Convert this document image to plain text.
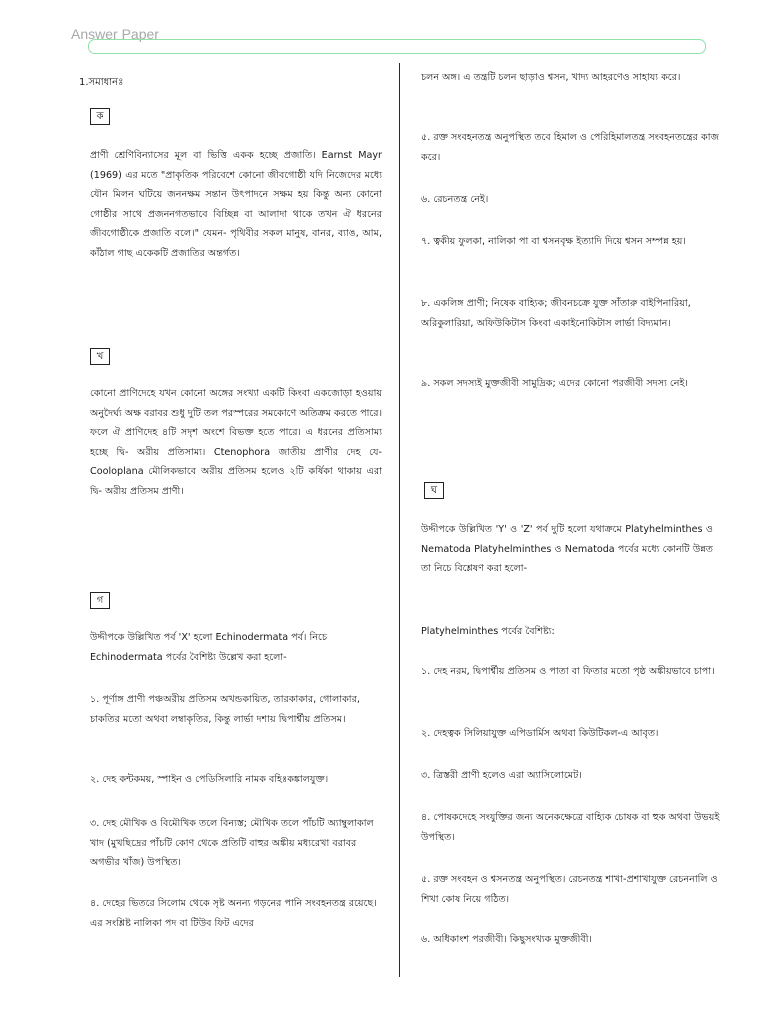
Answer Paper
1.সমাধানঃ
ক

প্রাণী শ্রেণিবিন্যাসের মূল বা ভিত্তি একক হচ্ছে প্রজাতি। Earnst Mayr (1969) এর মতে "প্রাকৃতিক পরিবেশে কোনো জীবগোষ্ঠী যদি নিজেদের মধ্যে যৌন মিলন ঘটিয়ে জননক্ষম সন্তান উৎপাদনে সক্ষম হয় কিন্তু অন্য কোনো গোষ্ঠীর সাথে প্রজননগতভাবে বিচ্ছিন্ন বা আলাদা থাকে তখন ঐ ধরনের জীবগোষ্ঠীকে প্রজাতি বলে।" যেমন- পৃথিবীর সকল মানুষ, বানর, ব্যাঙ, আম, কাঁঠাল গাছ একেকটি প্রজাতির অন্তর্গত।

খ

কোনো প্রাণিদেহে যখন কোনো অঙ্গের সংখ্যা একটি কিংবা একজোড়া হওয়ায় অনুদৈর্ঘ্য অক্ষ বরাবর শুধু দুটি তল পরস্পরের সমকোণে অতিক্রম করতে পারে। ফলে ঐ প্রাণিদেহ ৪টি সদৃশ অংশে বিভক্ত হতে পারে। এ ধরনের প্রতিসাম্য হচ্ছে দ্বি- অরীয় প্রতিসাম্য। Ctenophora জাতীয় প্রাণীর দেহ যে- Cooloplana মৌলিকভাবে অরীয় প্রতিসম হলেও ২টি কর্ষিকা থাকায় এরা দ্বি- অরীয় প্রতিসম প্রাণী।

গ

উদ্দীপকে উল্লিখিত পর্ব 'X' হলো Echinodermata পর্ব। নিচে Echinodermata পর্বের বৈশিষ্ট্য উল্লেখ করা হলো-

১. পূর্ণাঙ্গ প্রাণী পঞ্চঅরীয় প্রতিসম অখন্ডকায়িত, তারকাকার, গোলাকার, চাকতির মতো অথবা লম্বাকৃতির, কিন্তু লার্ভা দশায় দ্বিপার্শ্বীয় প্রতিসম।

২. দেহ কন্টকময়, স্পাইন ও পেডিসিলারি নামক বহিঃকঙ্কালযুক্ত।

৩. দেহ মৌখিক ও বিমৌখিক তলে বিন্যস্ত; মৌখিক তলে পাঁচটি অ্যাম্বুলাকাল খাদ (মুখছিদ্রের পাঁচটি কোণ থেকে প্রতিটি বাহুর অঙ্কীয় মধ্যরেখা বরাবর অগভীর খাঁজ) উপস্থিত।

৪. দেহের ভিতরে সিলোম থেকে সৃষ্ট অনন্য গড়নের পানি সংবহনতন্ত্র রয়েছে। এর সংশ্লিষ্ট নালিকা পদ বা টিউব ফিট এদের

চলন অঙ্গ। এ তন্ত্রটি চলন ছাড়াও শ্বসন, খাদ্য আহরণেও সাহায্য করে।

৫. রক্ত সংবহনতন্ত্র অনুপস্থিত তবে হিমাল ও পেরিহিমালতন্ত্র সংবহনতন্ত্রের কাজ করে।

৬. রেচনতন্ত্র নেই।

৭. ত্বকীয় ফুলকা, নালিকা পা বা শ্বসনবৃক্ষ ইত্যাদি দিয়ে শ্বসন সম্পন্ন হয়।

৮. একলিঙ্গ প্রাণী; নিষেক বাহ্যিক; জীবনচক্রে যুক্ত সাঁতারু বাইপিনারিয়া, অরিকুলারিয়া, অফিউকিটাস কিংবা একাইনোকিটাস লার্ভা বিদ্যমান।

৯. সকল সদস্যই মুক্তজীবী সামুদ্রিক; এদের কোনো পরজীবী সদস্য নেই।

ঘ

উদ্দীপকে উল্লিখিত 'Y' ও 'Z' পর্ব দুটি হলো যথাক্রমে Platyhelminthes ও Nematoda Platyhelminthes ও Nematoda পর্বের মধ্যে কোনটি উন্নত তা নিচে বিশ্লেষণ করা হলো-

Platyhelminthes পর্বের বৈশিষ্ট্য:

১. দেহ নরম, দ্বিপার্শ্বীয় প্রতিসম ও পাতা বা ফিতার মতো পৃষ্ঠ অঙ্কীয়ভাবে চাপা।

২. দেহত্বক সিলিয়াযুক্ত এপিডার্মিস অথবা কিউটিকল-এ আবৃত।

৩. ত্রিস্তরী প্রাণী হলেও এরা অ্যাসিলোমেট।

৪. পোষকদেহে সংযুক্তির জন্য অনেকক্ষেত্রে বাহ্যিক চোষক বা হুক অথবা উভয়ই উপস্থিত।

৫. রক্ত সংবহন ও শ্বসনতন্ত্র অনুপস্থিত। রেচনতন্ত্র শাখা-প্রশাখাযুক্ত রেচননালি ও শিখা কোষ নিয়ে গঠিত।

৬. অধিকাংশ পরজীবী। কিছুসংখ্যক মুক্তজীবী।
